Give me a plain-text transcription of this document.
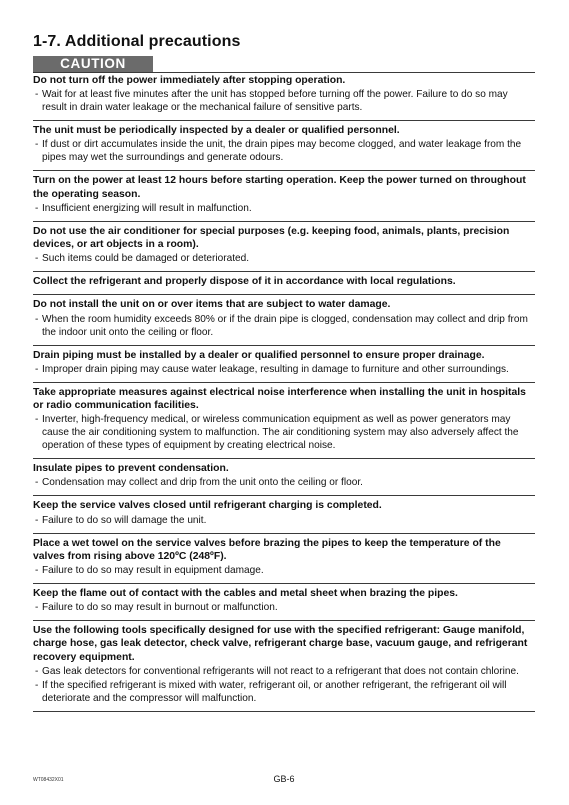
1-7. Additional precautions
CAUTION
Do not turn off the power immediately after stopping operation.
- Wait for at least five minutes after the unit has stopped before turning off the power. Failure to do so may result in drain water leakage or the mechanical failure of sensitive parts.
The unit must be periodically inspected by a dealer or qualified personnel.
- If dust or dirt accumulates inside the unit, the drain pipes may become clogged, and water leakage from the pipes may wet the surroundings and generate odours.
Turn on the power at least 12 hours before starting operation. Keep the power turned on throughout the operating season.
- Insufficient energizing will result in malfunction.
Do not use the air conditioner for special purposes (e.g. keeping food, animals, plants, precision devices, or art objects in a room).
- Such items could be damaged or deteriorated.
Collect the refrigerant and properly dispose of it in accordance with local regulations.
Do not install the unit on or over items that are subject to water damage.
- When the room humidity exceeds 80% or if the drain pipe is clogged, condensation may collect and drip from the indoor unit onto the ceiling or floor.
Drain piping must be installed by a dealer or qualified personnel to ensure proper drainage.
- Improper drain piping may cause water leakage, resulting in damage to furniture and other surroundings.
Take appropriate measures against electrical noise interference when installing the unit in hospitals or radio communication facilities.
- Inverter, high-frequency medical, or wireless communication equipment as well as power generators may cause the air conditioning system to malfunction. The air conditioning system may also adversely affect the operation of these types of equipment by creating electrical noise.
Insulate pipes to prevent condensation.
- Condensation may collect and drip from the unit onto the ceiling or floor.
Keep the service valves closed until refrigerant charging is completed.
- Failure to do so will damage the unit.
Place a wet towel on the service valves before brazing the pipes to keep the temperature of the valves from rising above 120ºC (248ºF).
- Failure to do so may result in equipment damage.
Keep the flame out of contact with the cables and metal sheet when brazing the pipes.
- Failure to do so may result in burnout or malfunction.
Use the following tools specifically designed for use with the specified refrigerant: Gauge manifold, charge hose, gas leak detector, check valve, refrigerant charge base, vacuum gauge, and refrigerant recovery equipment.
- Gas leak detectors for conventional refrigerants will not react to a refrigerant that does not contain chlorine.
- If the specified refrigerant is mixed with water, refrigerant oil, or another refrigerant, the refrigerant oil will deteriorate and the compressor will malfunction.
WT08432X01	GB-6
